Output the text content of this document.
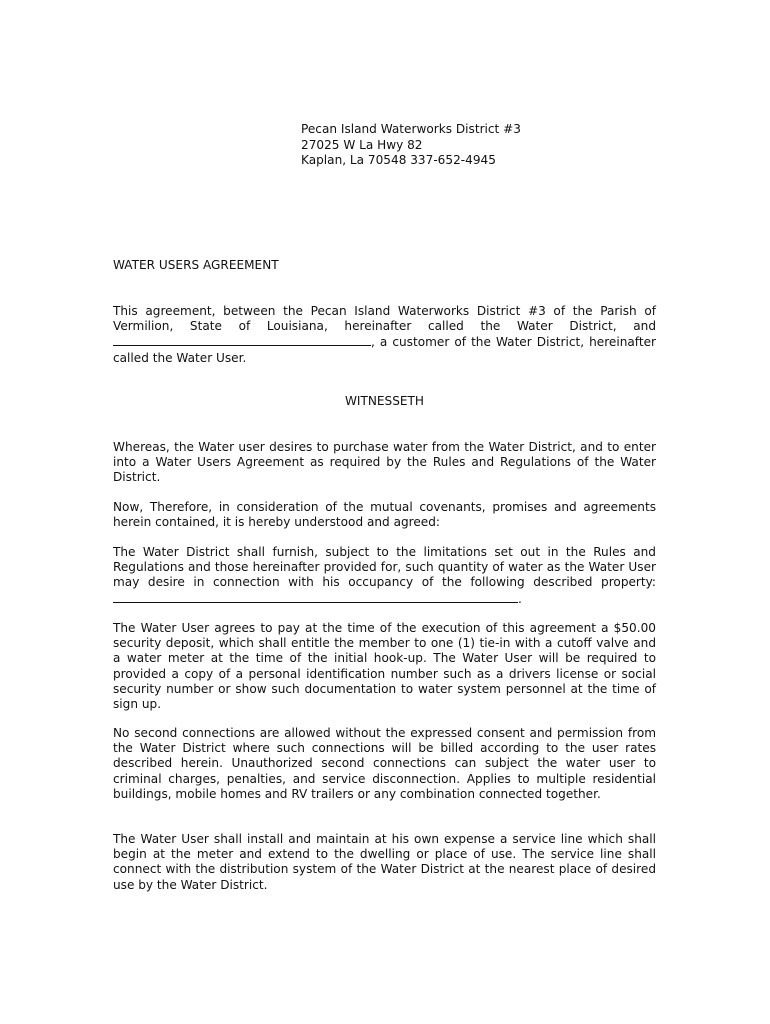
Pecan Island Waterworks District #3
27025 W La Hwy 82
Kaplan, La 70548 337-652-4945
WATER USERS AGREEMENT

This agreement, between the Pecan Island Waterworks District #3 of the Parish of Vermilion, State of Louisiana, hereinafter called the Water District, and , a customer of the Water District, hereinafter called the Water User.

WITNESSETH

Whereas, the Water user desires to purchase water from the Water District, and to enter into a Water Users Agreement as required by the Rules and Regulations of the Water District.

Now, Therefore, in consideration of the mutual covenants, promises and agreements herein contained, it is hereby understood and agreed:

The Water District shall furnish, subject to the limitations set out in the Rules and Regulations and those hereinafter provided for, such quantity of water as the Water User may desire in connection with his occupancy of the following described property:.

The Water User agrees to pay at the time of the execution of this agreement a $50.00 security deposit, which shall entitle the member to one (1) tie-in with a cutoff valve and a water meter at the time of the initial hook-up. The Water User will be required to provided a copy of a personal identification number such as a drivers license or social security number or show such documentation to water system personnel at the time of sign up.

No second connections are allowed without the expressed consent and permission from the Water District where such connections will be billed according to the user rates described herein. Unauthorized second connections can subject the water user to criminal charges, penalties, and service disconnection. Applies to multiple residential buildings, mobile homes and RV trailers or any combination connected together.

The Water User shall install and maintain at his own expense a service line which shall begin at the meter and extend to the dwelling or place of use. The service line shall connect with the distribution system of the Water District at the nearest place of desired use by the Water District.
